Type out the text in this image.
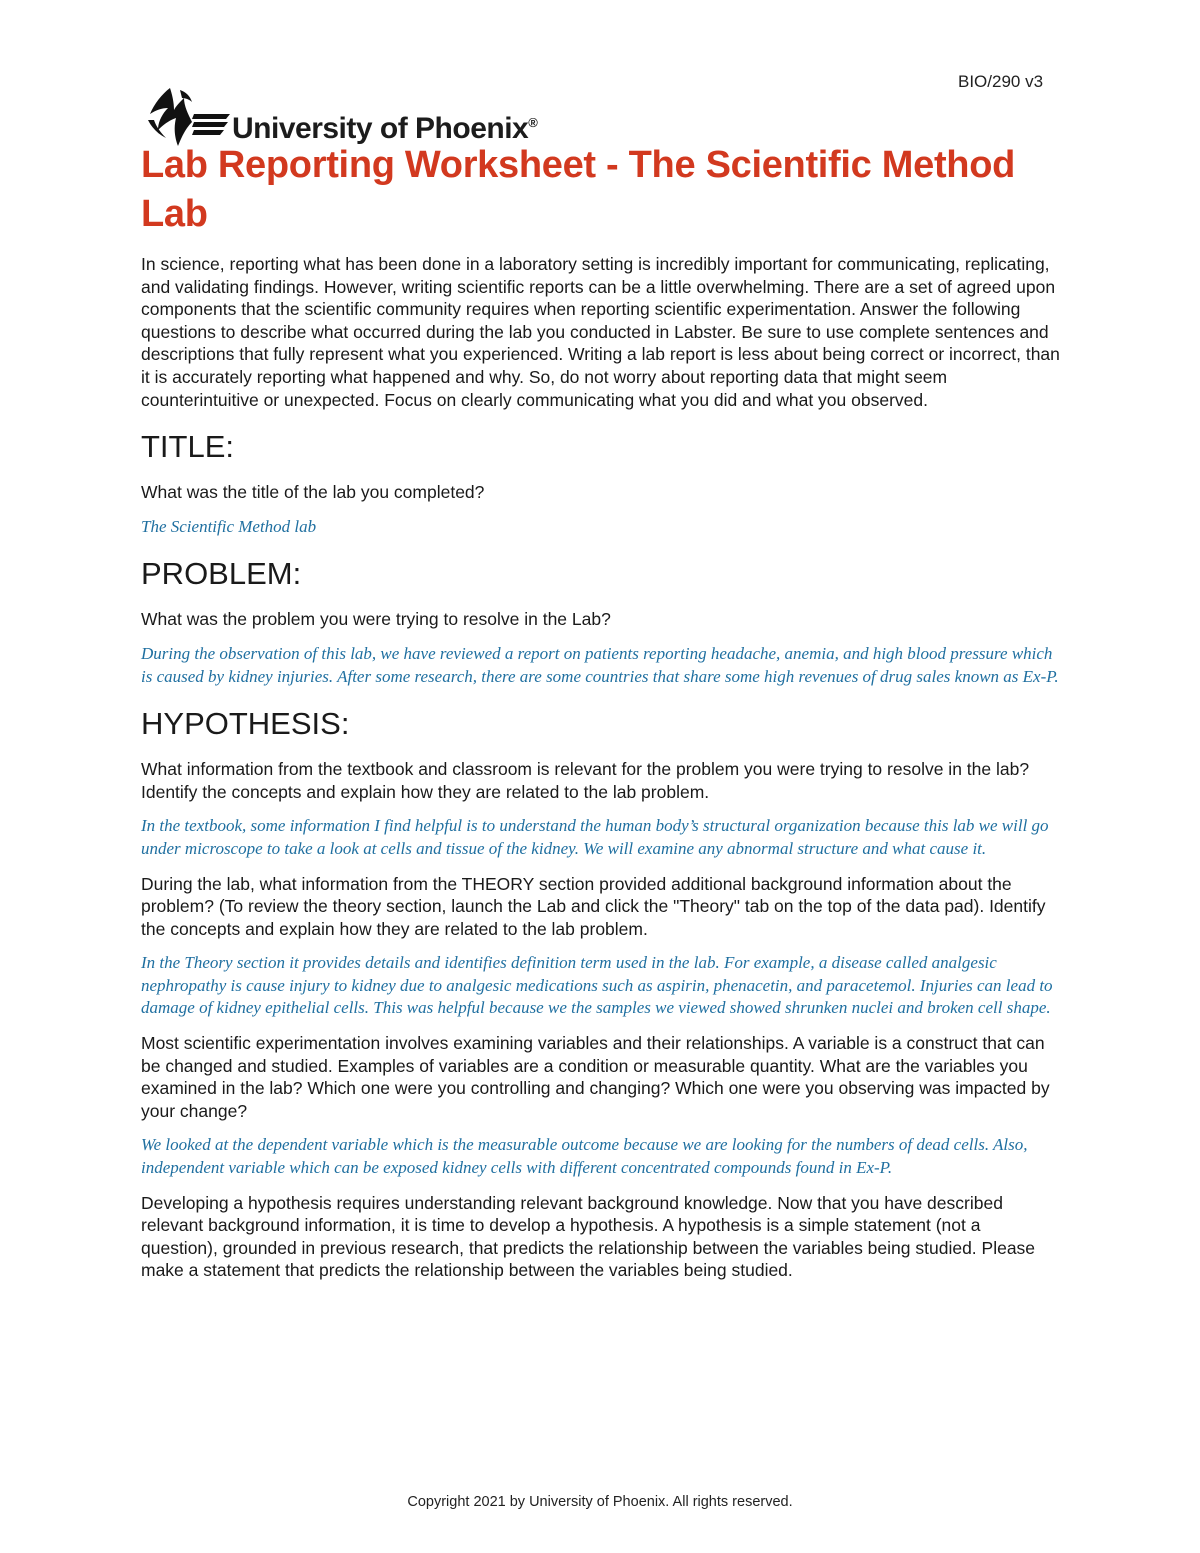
BIO/290 v3
University of Phoenix®
Lab Reporting Worksheet - The Scientific Method Lab

In science, reporting what has been done in a laboratory setting is incredibly important for communicating, replicating, and validating findings. However, writing scientific reports can be a little overwhelming. There are a set of agreed upon components that the scientific community requires when reporting scientific experimentation. Answer the following questions to describe what occurred during the lab you conducted in Labster. Be sure to use complete sentences and descriptions that fully represent what you experienced. Writing a lab report is less about being correct or incorrect, than it is accurately reporting what happened and why. So, do not worry about reporting data that might seem counterintuitive or unexpected. Focus on clearly communicating what you did and what you observed.

TITLE:

What was the title of the lab you completed?

The Scientific Method lab

PROBLEM:

What was the problem you were trying to resolve in the Lab?

During the observation of this lab, we have reviewed a report on patients reporting headache, anemia, and high blood pressure which is caused by kidney injuries. After some research, there are some countries that share some high revenues of drug sales known as Ex-P.

HYPOTHESIS:

What information from the textbook and classroom is relevant for the problem you were trying to resolve in the lab? Identify the concepts and explain how they are related to the lab problem.

In the textbook, some information I find helpful is to understand the human body’s structural organization because this lab we will go under microscope to take a look at cells and tissue of the kidney. We will examine any abnormal structure and what cause it.

During the lab, what information from the THEORY section provided additional background information about the problem? (To review the theory section, launch the Lab and click the "Theory" tab on the top of the data pad). Identify the concepts and explain how they are related to the lab problem.

In the Theory section it provides details and identifies definition term used in the lab. For example, a disease called analgesic nephropathy is cause injury to kidney due to analgesic medications such as aspirin, phenacetin, and paracetemol. Injuries can lead to damage of kidney epithelial cells. This was helpful because we the samples we viewed showed shrunken nuclei and broken cell shape.

Most scientific experimentation involves examining variables and their relationships. A variable is a construct that can be changed and studied. Examples of variables are a condition or measurable quantity. What are the variables you examined in the lab? Which one were you controlling and changing? Which one were you observing was impacted by your change?

We looked at the dependent variable which is the measurable outcome because we are looking for the numbers of dead cells. Also, independent variable which can be exposed kidney cells with different concentrated compounds found in Ex-P.

Developing a hypothesis requires understanding relevant background knowledge. Now that you have described relevant background information, it is time to develop a hypothesis. A hypothesis is a simple statement (not a question), grounded in previous research, that predicts the relationship between the variables being studied. Please make a statement that predicts the relationship between the variables being studied.

Copyright 2021 by University of Phoenix. All rights reserved.
